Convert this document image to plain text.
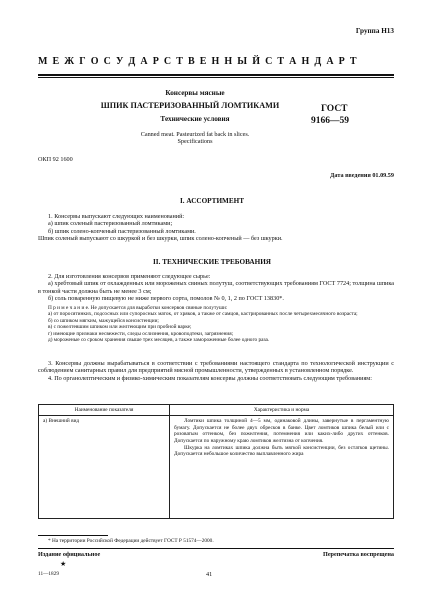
Группа Н13
М Е Ж Г О С У Д А Р С Т В Е Н Н Ы Й С Т А Н Д А Р Т
Консервы мясные
ШПИК ПАСТЕРИЗОВАННЫЙ ЛОМТИКАМИ
Технические условия
Canned meat. Pasteurized fat back in slices.
Specifications
ГОСТ
9166—59
ОКП 92 1600
Дата введения 01.09.59
I. АССОРТИМЕНТ
1. Консервы выпускают следующих наименований:
а) шпик соленый пастеризованный ломтиками;
б) шпик солено-копченый пастеризованный ломтиками.
Шпик соленый выпускают со шкуркой и без шкурки, шпик солено-копченый — без шкурки.
II. ТЕХНИЧЕСКИЕ ТРЕБОВАНИЯ
2. Для изготовления консервов применяют следующее сырье:
а) хребтовый шпик от охлажденных или мороженых свиных полутуш, соответствующих требованиям ГОСТ 7724; толщина шпика в тонкой части должна быть не менее 3 см;
б) соль поваренную пищевую не ниже первого сорта, помолов № 0, 1, 2 по ГОСТ 13830*.
П р и м е ч а н и е. Не допускается для выработки консервов свиные полутуши:
а) от поросятинких, подсосных или супоросных маток, от хряков, а также от самцов, кастрированных после четырехмесячного возраста;
б) со шпиком мягким, мажущейся консистенции;
в) с пожелтевшим шпиком или желтеющим при пробной варке;
г) имеющие признаки несвежести, следы ослизнения, кровоподтеки, загрязнения;
д) мороженые со сроком хранения свыше трех месяцев, а также замороженные более одного раза.
3. Консервы должны вырабатываться в соответствии с требованиями настоящего стандарта по технологической инструкции с соблюдением санитарных правил для предприятий мясной промышленности, утвержденных в установленном порядке.
4. По органолептическим и физико-химическим показателям консервы должны соответствовать следующим требованиям:
Наименование показателя	Характеристика и норма
а) Внешний вид	Ломтики шпика толщиной 4—5 мм, одинаковой длины, завернутые в пергаментную бумагу. Допускается не более двух обресков в банке. Цвет ломтиков шпика белый или с розоватым оттенком, без пожелтения, потемнения или каких-либо других оттенков. Допускается по наружному краю ломтиков желтизна от копчения.
Шкурка на ломтиках шпика должна быть мягкой консистенции, без остатков щетины. Допускается небольшое количество выплавленного жира
* На территории Российской Федерации действует ГОСТ Р 51574—2000.
Издание официальное
★
Перепечатка воспрещена
11—1829	41
